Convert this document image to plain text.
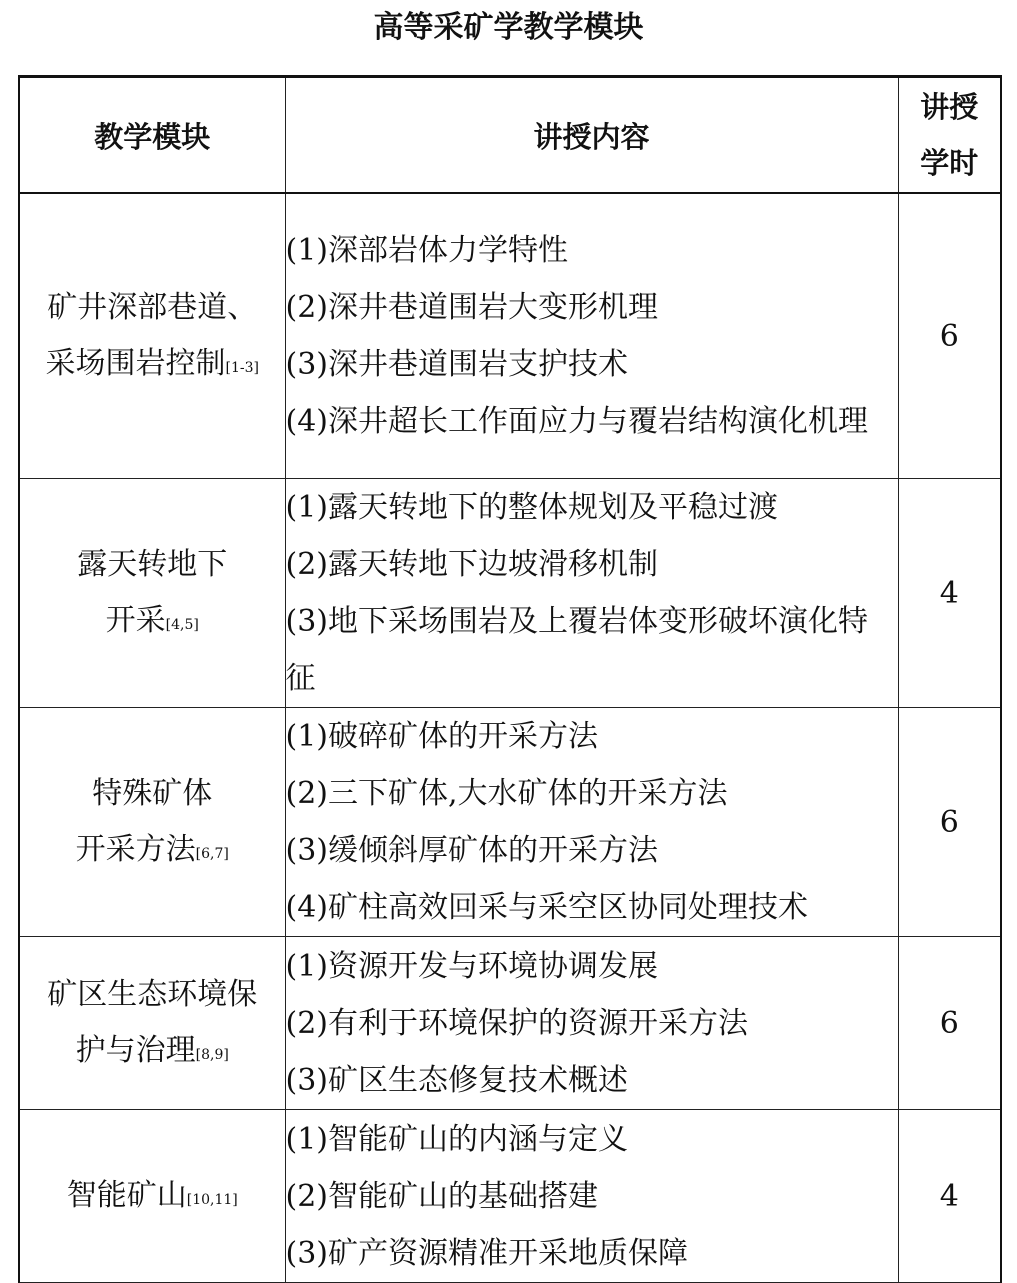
高等采矿学教学模块
教学模块	讲授内容	讲授
学时

矿井深部巷道、
采场围岩控制[1-3]	(1)深部岩体力学特性
(2)深井巷道围岩大变形机理
(3)深井巷道围岩支护技术
(4)深井超长工作面应力与覆岩结构演化机理	6

露天转地下
开采[4,5]	(1)露天转地下的整体规划及平稳过渡
(2)露天转地下边坡滑移机制
(3)地下采场围岩及上覆岩体变形破坏演化特征	4

特殊矿体
开采方法[6,7]	(1)破碎矿体的开采方法
(2)三下矿体,大水矿体的开采方法
(3)缓倾斜厚矿体的开采方法
(4)矿柱高效回采与采空区协同处理技术	6

矿区生态环境保
护与治理[8,9]	(1)资源开发与环境协调发展
(2)有利于环境保护的资源开采方法
(3)矿区生态修复技术概述	6

智能矿山[10,11]	(1)智能矿山的内涵与定义
(2)智能矿山的基础搭建
(3)矿产资源精准开采地质保障	4
